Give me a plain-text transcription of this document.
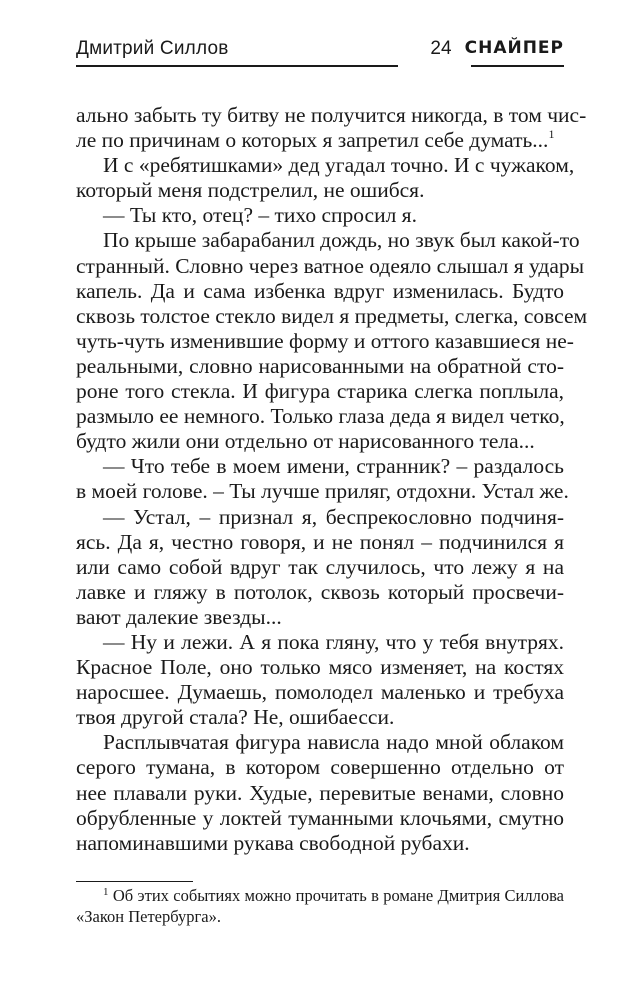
Дмитрий Силлов	24 СНАЙПЕР
ально забыть ту битву не получится никогда, в том чис-
ле по причинам о которых я запретил себе думать...$^1$
И с «ребятишками» дед угадал точно. И с чужаком,
который меня подстрелил, не ошибся.
— Ты кто, отец? – тихо спросил я.
По крыше забарабанил дождь, но звук был какой-то
странный. Словно через ватное одеяло слышал я удары
капель. Да и сама избенка вдруг изменилась. Будто
сквозь толстое стекло видел я предметы, слегка, совсем
чуть-чуть изменившие форму и оттого казавшиеся не-
реальными, словно нарисованными на обратной сто-
роне того стекла. И фигура старика слегка поплыла,
размыло ее немного. Только глаза деда я видел четко,
будто жили они отдельно от нарисованного тела...
— Что тебе в моем имени, странник? – раздалось
в моей голове. – Ты лучше приляг, отдохни. Устал же.
— Устал, – признал я, беспрекословно подчиня-
ясь. Да я, честно говоря, и не понял – подчинился я
или само собой вдруг так случилось, что лежу я на
лавке и гляжу в потолок, сквозь который просвечи-
вают далекие звезды...
— Ну и лежи. А я пока гляну, что у тебя внутрях.
Красное Поле, оно только мясо изменяет, на костях
наросшее. Думаешь, помолодел маленько и требуха
твоя другой стала? Не, ошибаесси.
Расплывчатая фигура нависла надо мной облаком
серого тумана, в котором совершенно отдельно от
нее плавали руки. Худые, перевитые венами, словно
обрубленные у локтей туманными клочьями, смутно
напоминавшими рукава свободной рубахи.
$^1$ Об этих событиях можно прочитать в романе Дмитрия Силлова
«Закон Петербурга».
